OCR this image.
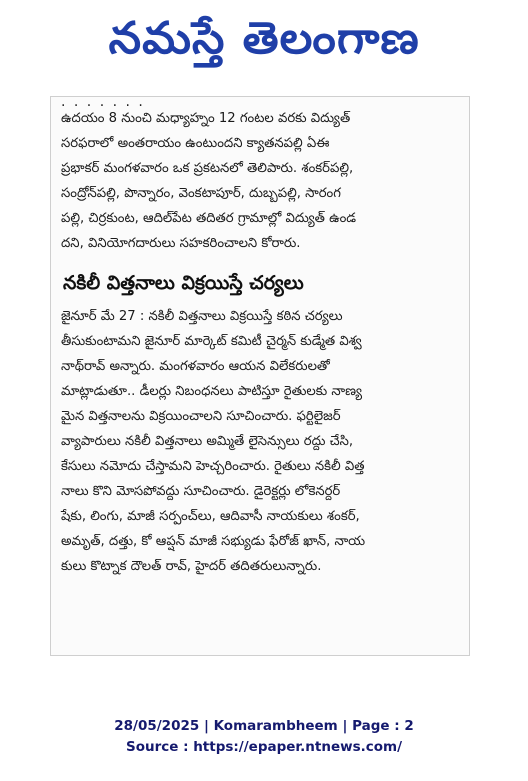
నమస్తే తెలంగాణ
· · · · · · ·

ఉదయం 8 నుంచి మధ్యాహ్నం 12 గంటల వరకు విద్యుత్
సరఫరాలో అంతరాయం ఉంటుందని క్యాతనపల్లి ఏఈ
ప్రభాకర్ మంగళవారం ఒక ప్రకటనలో తెలిపారు. శంకర్‌పల్లి,
సంద్రోన్‌పల్లి, పొన్నారం, వెంకటాపూర్, దుబ్బపల్లి, సారంగ
పల్లి, చిర్రకుంట, ఆదిల్‌పేట తదితర గ్రామాల్లో విద్యుత్ ఉండ
దని, వినియోగదారులు సహకరించాలని కోరారు.

నకిలీ విత్తనాలు విక్రయిస్తే చర్యలు

జైనూర్ మే 27 : నకిలీ విత్తనాలు విక్రయిస్తే కఠిన చర్యలు
తీసుకుంటామని జైనూర్ మార్కెట్ కమిటీ చైర్మన్ కుడ్మేత విశ్వ
నాథ్‌రావ్ అన్నారు. మంగళవారం ఆయన విలేకరులతో
మాట్లాడుతూ.. డీలర్లు నిబంధనలు పాటిస్తూ రైతులకు నాణ్య
మైన విత్తనాలను విక్రయించాలని సూచించారు. ఫర్టిలైజర్
వ్యాపారులు నకిలీ విత్తనాలు అమ్మితే లైసెన్సులు రద్దు చేసి,
కేసులు నమోదు చేస్తామని హెచ్చరించారు. రైతులు నకిలీ విత్త
నాలు కొని మోసపోవద్దు సూచించారు. డైరెక్టర్లు లోకెనర్దర్
షేకు, లింగు, మాజీ సర్పంచ్‌లు, ఆదివాసీ నాయకులు శంకర్,
అమృత్, దత్తు, కో ఆప్షన్ మాజీ సభ్యుడు ఫేరోజ్ ఖాన్, నాయ
కులు కొట్నాక దౌలత్ రావ్, హైదర్ తదితరులున్నారు.

28/05/2025 | Komarambheem | Page : 2
Source : https://epaper.ntnews.com/
